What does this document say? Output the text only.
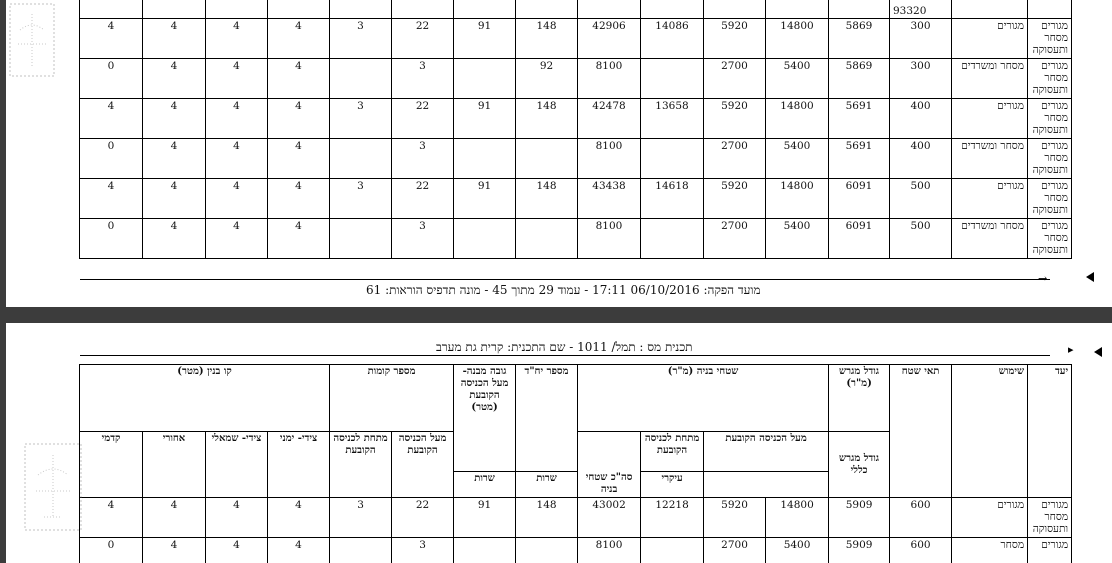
													93320		
4	4	4	4	3	22	91	148	42906	14086	5920	14800	5869	300	מגורים	מגורים מסחר ותעסוקה
0	4	4	4		3		92	8100		2700	5400	5869	300	מסחר ומשרדים	מגורים מסחר ותעסוקה
4	4	4	4	3	22	91	148	42478	13658	5920	14800	5691	400	מגורים	מגורים מסחר ותעסוקה
0	4	4	4		3			8100		2700	5400	5691	400	מסחר ומשרדים	מגורים מסחר ותעסוקה
4	4	4	4	3	22	91	148	43438	14618	5920	14800	6091	500	מגורים	מגורים מסחר ותעסוקה
0	4	4	4		3			8100		2700	5400	6091	500	מסחר ומשרדים	מגורים מסחר ותעסוקה
→
מועד הפקה: 06/10/2016 17:11 - עמוד 29 מתוך 45 - מונה תדפיס הוראות: 61
תכנית מס : תמל/ 1011 - שם התכנית: קרית גת מערב	▸
קו בנין (מטר)				מספר קומות		גובה מבנה- מעל הכניסה הקובעת (מטר)	מספר יח"ד	שטחי בניה (מ"ר)				גודל מגרש (מ"ר)	תאי שטח	שימוש	יעד
קדמי	אחורי	צידי- שמאלי	צידי- ימני	מתחת לכניסה הקובעת	מעל הכניסה הקובעת			סה"כ שטחי בניה	מתחת לכניסה הקובעת	מעל הכניסה הקובעת		גודל מגרש כללי			
						שרות	שרות		עיקרי						
4	4	4	4	3	22	91	148	43002	12218	5920	14800	5909	600	מגורים	מגורים מסחר ותעסוקה
0	4	4	4		3			8100		2700	5400	5909	600	מסחר	מגורים
